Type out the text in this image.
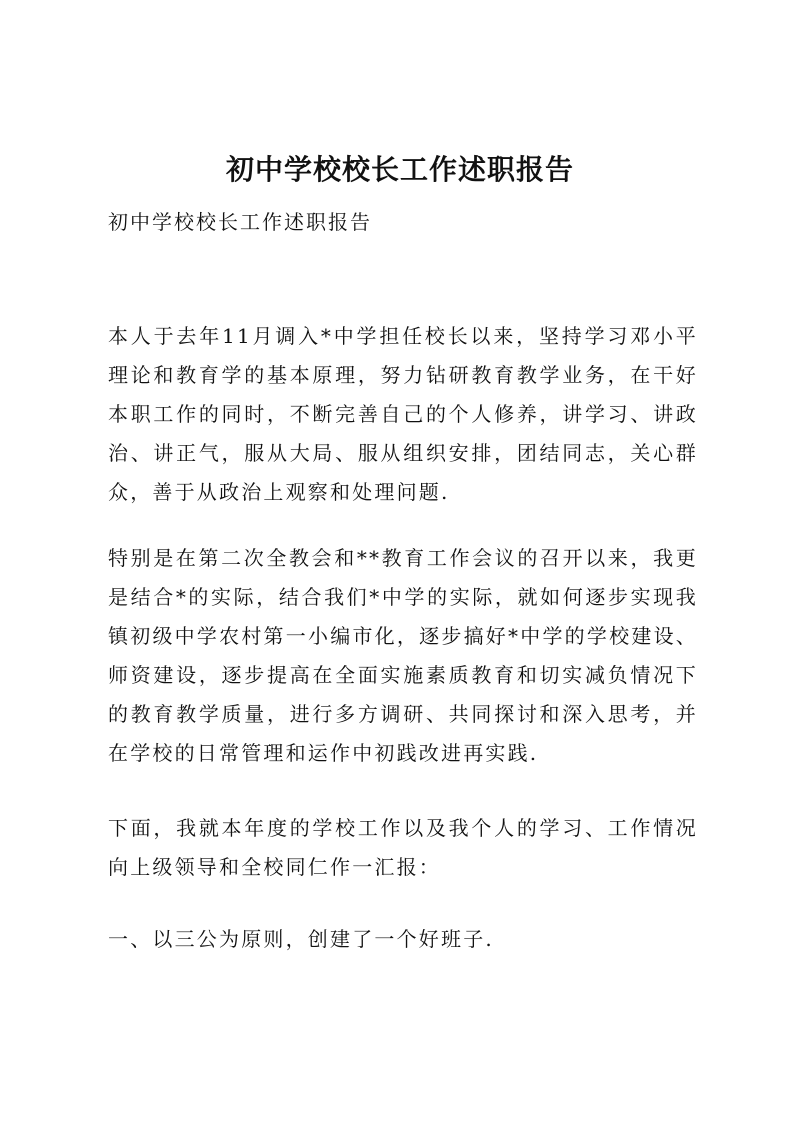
初中学校校长工作述职报告
初中学校校长工作述职报告

本人于去年11月调入*中学担任校长以来，坚持学习邓小平理论和教育学的基本原理，努力钻研教育教学业务，在干好本职工作的同时，不断完善自己的个人修养，讲学习、讲政治、讲正气，服从大局、服从组织安排，团结同志，关心群众，善于从政治上观察和处理问题.

特别是在第二次全教会和**教育工作会议的召开以来，我更是结合*的实际，结合我们*中学的实际，就如何逐步实现我镇初级中学农村第一小编市化，逐步搞好*中学的学校建设、师资建设，逐步提高在全面实施素质教育和切实减负情况下的教育教学质量，进行多方调研、共同探讨和深入思考，并在学校的日常管理和运作中初践改进再实践.

下面，我就本年度的学校工作以及我个人的学习、工作情况向上级领导和全校同仁作一汇报：

一、以三公为原则，创建了一个好班子.
